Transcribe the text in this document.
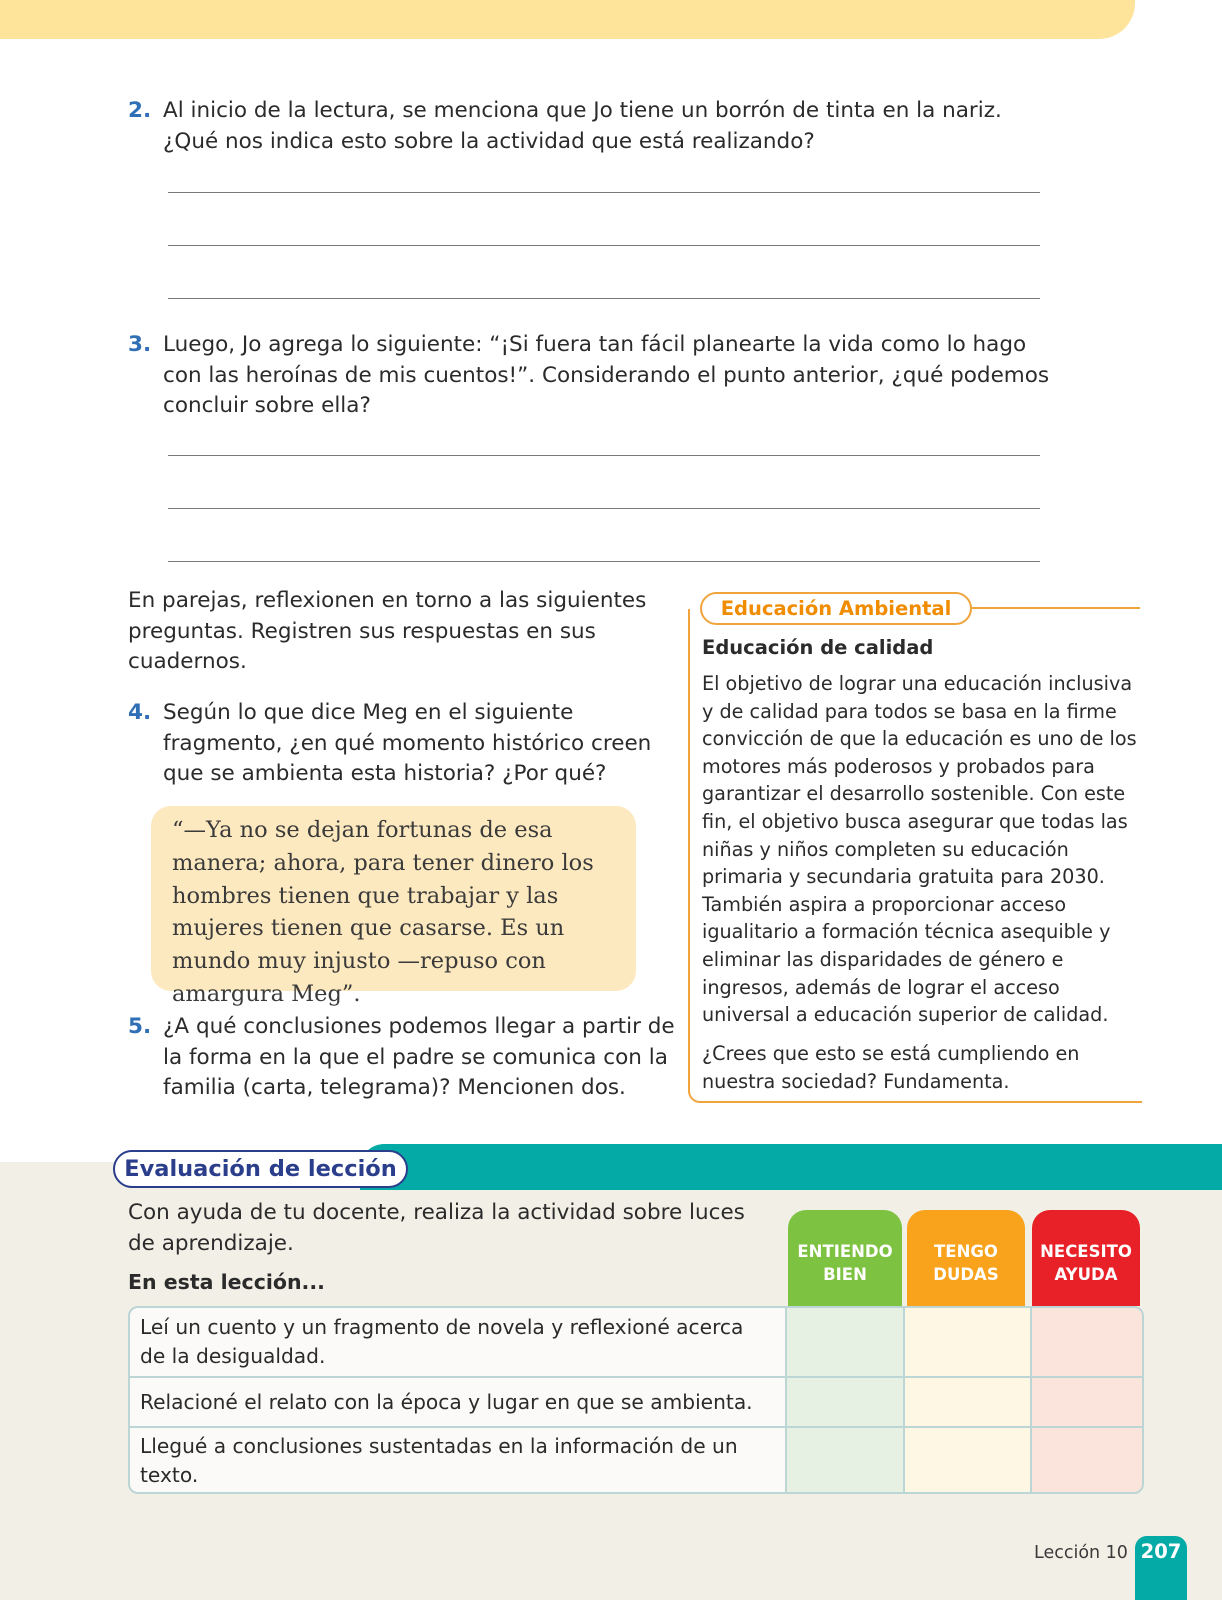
2. Al inicio de la lectura, se menciona que Jo tiene un borrón de tinta en la nariz. ¿Qué nos indica esto sobre la actividad que está realizando?
3. Luego, Jo agrega lo siguiente: “¡Si fuera tan fácil planearte la vida como lo hago con las heroínas de mis cuentos!”. Considerando el punto anterior, ¿qué podemos concluir sobre ella?
En parejas, reflexionen en torno a las siguientes preguntas. Registren sus respuestas en sus cuadernos.
4. Según lo que dice Meg en el siguiente fragmento, ¿en qué momento histórico creen que se ambienta esta historia? ¿Por qué?
“—Ya no se dejan fortunas de esa manera; ahora, para tener dinero los hombres tienen que trabajar y las mujeres tienen que casarse. Es un mundo muy injusto —repuso con amargura Meg”.
5. ¿A qué conclusiones podemos llegar a partir de la forma en la que el padre se comunica con la familia (carta, telegrama)? Mencionen dos.
Educación Ambiental
Educación de calidad
El objetivo de lograr una educación inclusiva y de calidad para todos se basa en la firme convicción de que la educación es uno de los motores más poderosos y probados para garantizar el desarrollo sostenible. Con este fin, el objetivo busca asegurar que todas las niñas y niños completen su educación primaria y secundaria gratuita para 2030. También aspira a proporcionar acceso igualitario a formación técnica asequible y eliminar las disparidades de género e ingresos, además de lograr el acceso universal a educación superior de calidad.
¿Crees que esto se está cumpliendo en nuestra sociedad? Fundamenta.
Evaluación de lección
Con ayuda de tu docente, realiza la actividad sobre luces de aprendizaje.
En esta lección...
ENTIENDO BIEN
TENGO DUDAS
NECESITO AYUDA
Leí un cuento y un fragmento de novela y reflexioné acerca de la desigualdad.
Relacioné el relato con la época y lugar en que se ambienta.
Llegué a conclusiones sustentadas en la información de un texto.
Lección 10 207
